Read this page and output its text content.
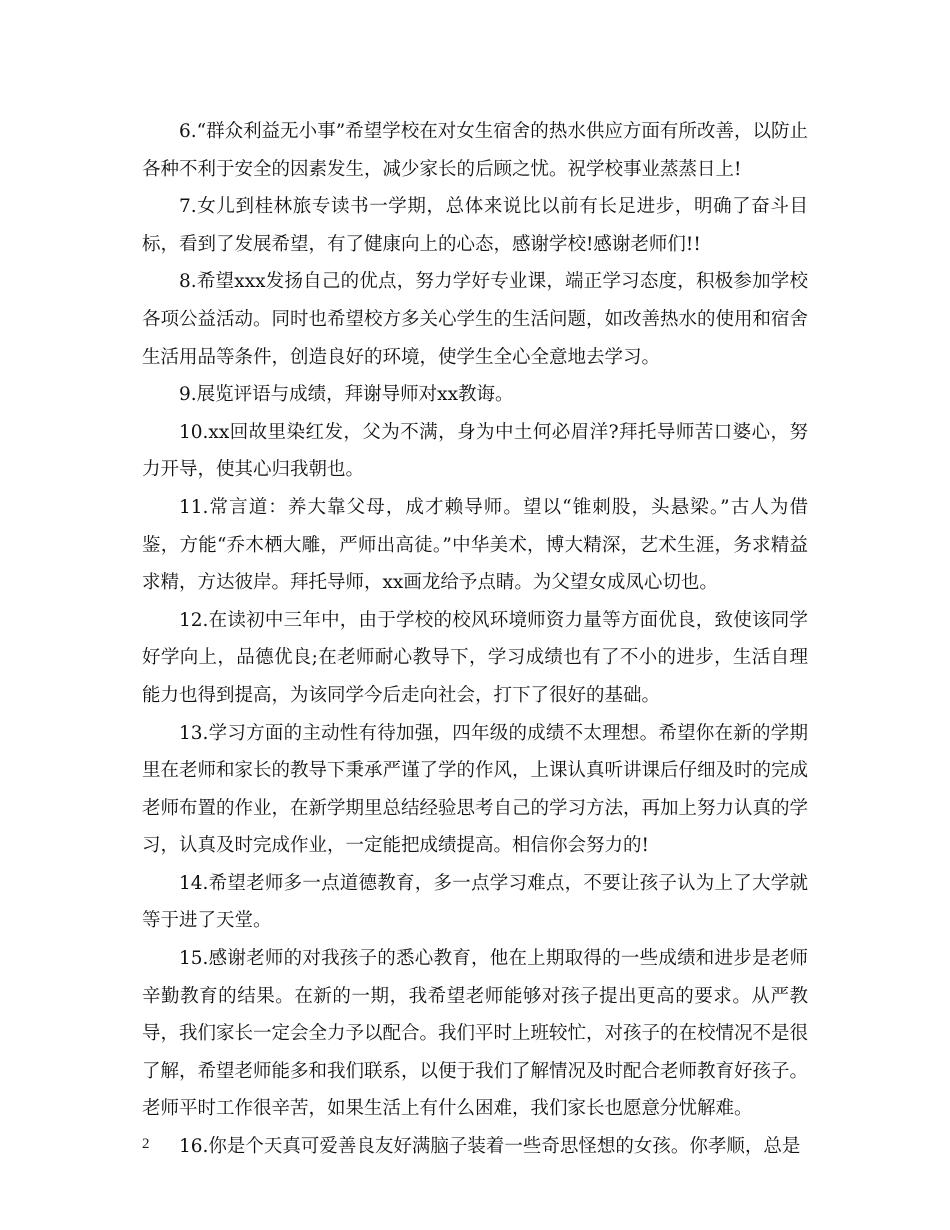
6.“群众利益无小事”希望学校在对女生宿舍的热水供应方面有所改善，以防止各种不利于安全的因素发生，减少家长的后顾之忧。祝学校事业蒸蒸日上!

7.女儿到桂林旅专读书一学期，总体来说比以前有长足进步，明确了奋斗目标，看到了发展希望，有了健康向上的心态，感谢学校!感谢老师们!!

8.希望xxx发扬自己的优点，努力学好专业课，端正学习态度，积极参加学校各项公益活动。同时也希望校方多关心学生的生活问题，如改善热水的使用和宿舍生活用品等条件，创造良好的环境，使学生全心全意地去学习。

9.展览评语与成绩，拜谢导师对xx教诲。

10.xx回故里染红发，父为不满，身为中土何必眉洋?拜托导师苦口婆心，努力开导，使其心归我朝也。

11.常言道：养大靠父母，成才赖导师。望以“锥刺股，头悬梁。”古人为借鉴，方能“乔木栖大雕，严师出高徒。”中华美术，博大精深，艺术生涯，务求精益求精，方达彼岸。拜托导师，xx画龙给予点睛。为父望女成凤心切也。

12.在读初中三年中，由于学校的校风环境师资力量等方面优良，致使该同学好学向上，品德优良;在老师耐心教导下，学习成绩也有了不小的进步，生活自理能力也得到提高，为该同学今后走向社会，打下了很好的基础。

13.学习方面的主动性有待加强，四年级的成绩不太理想。希望你在新的学期里在老师和家长的教导下秉承严谨了学的作风，上课认真听讲课后仔细及时的完成老师布置的作业，在新学期里总结经验思考自己的学习方法，再加上努力认真的学习，认真及时完成作业，一定能把成绩提高。相信你会努力的!

14.希望老师多一点道德教育，多一点学习难点，不要让孩子认为上了大学就等于进了天堂。

15.感谢老师的对我孩子的悉心教育，他在上期取得的一些成绩和进步是老师辛勤教育的结果。在新的一期，我希望老师能够对孩子提出更高的要求。从严教导，我们家长一定会全力予以配合。我们平时上班较忙，对孩子的在校情况不是很了解，希望老师能多和我们联系，以便于我们了解情况及时配合老师教育好孩子。老师平时工作很辛苦，如果生活上有什么困难，我们家长也愿意分忧解难。

16.你是个天真可爱善良友好满脑子装着一些奇思怪想的女孩。你孝顺，总是

2
